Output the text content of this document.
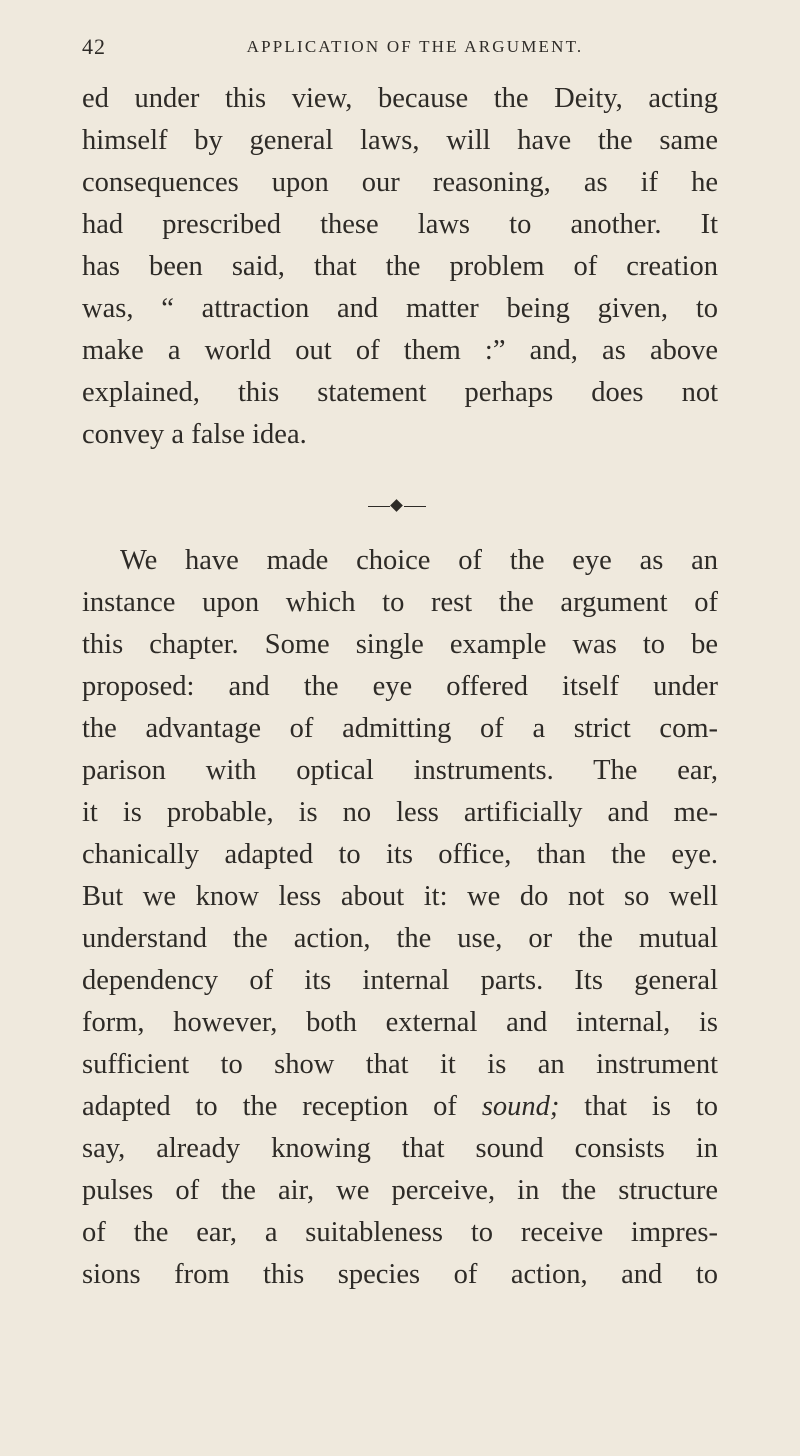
42	APPLICATION OF THE ARGUMENT.

ed under this view, because the Deity, acting
himself by general laws, will have the same
consequences upon our reasoning, as if he
had prescribed these laws to another. It
has been said, that the problem of creation
was, “ attraction and matter being given, to
make a world out of them :” and, as above
explained, this statement perhaps does not
convey a false idea.

We have made choice of the eye as an
instance upon which to rest the argument of
this chapter. Some single example was to be
proposed: and the eye offered itself under
the advantage of admitting of a strict com-
parison with optical instruments. The ear,
it is probable, is no less artificially and me-
chanically adapted to its office, than the eye.
But we know less about it: we do not so well
understand the action, the use, or the mutual
dependency of its internal parts. Its general
form, however, both external and internal, is
sufficient to show that it is an instrument
adapted to the reception of sound; that is to
say, already knowing that sound consists in
pulses of the air, we perceive, in the structure
of the ear, a suitableness to receive impres-
sions from this species of action, and to
